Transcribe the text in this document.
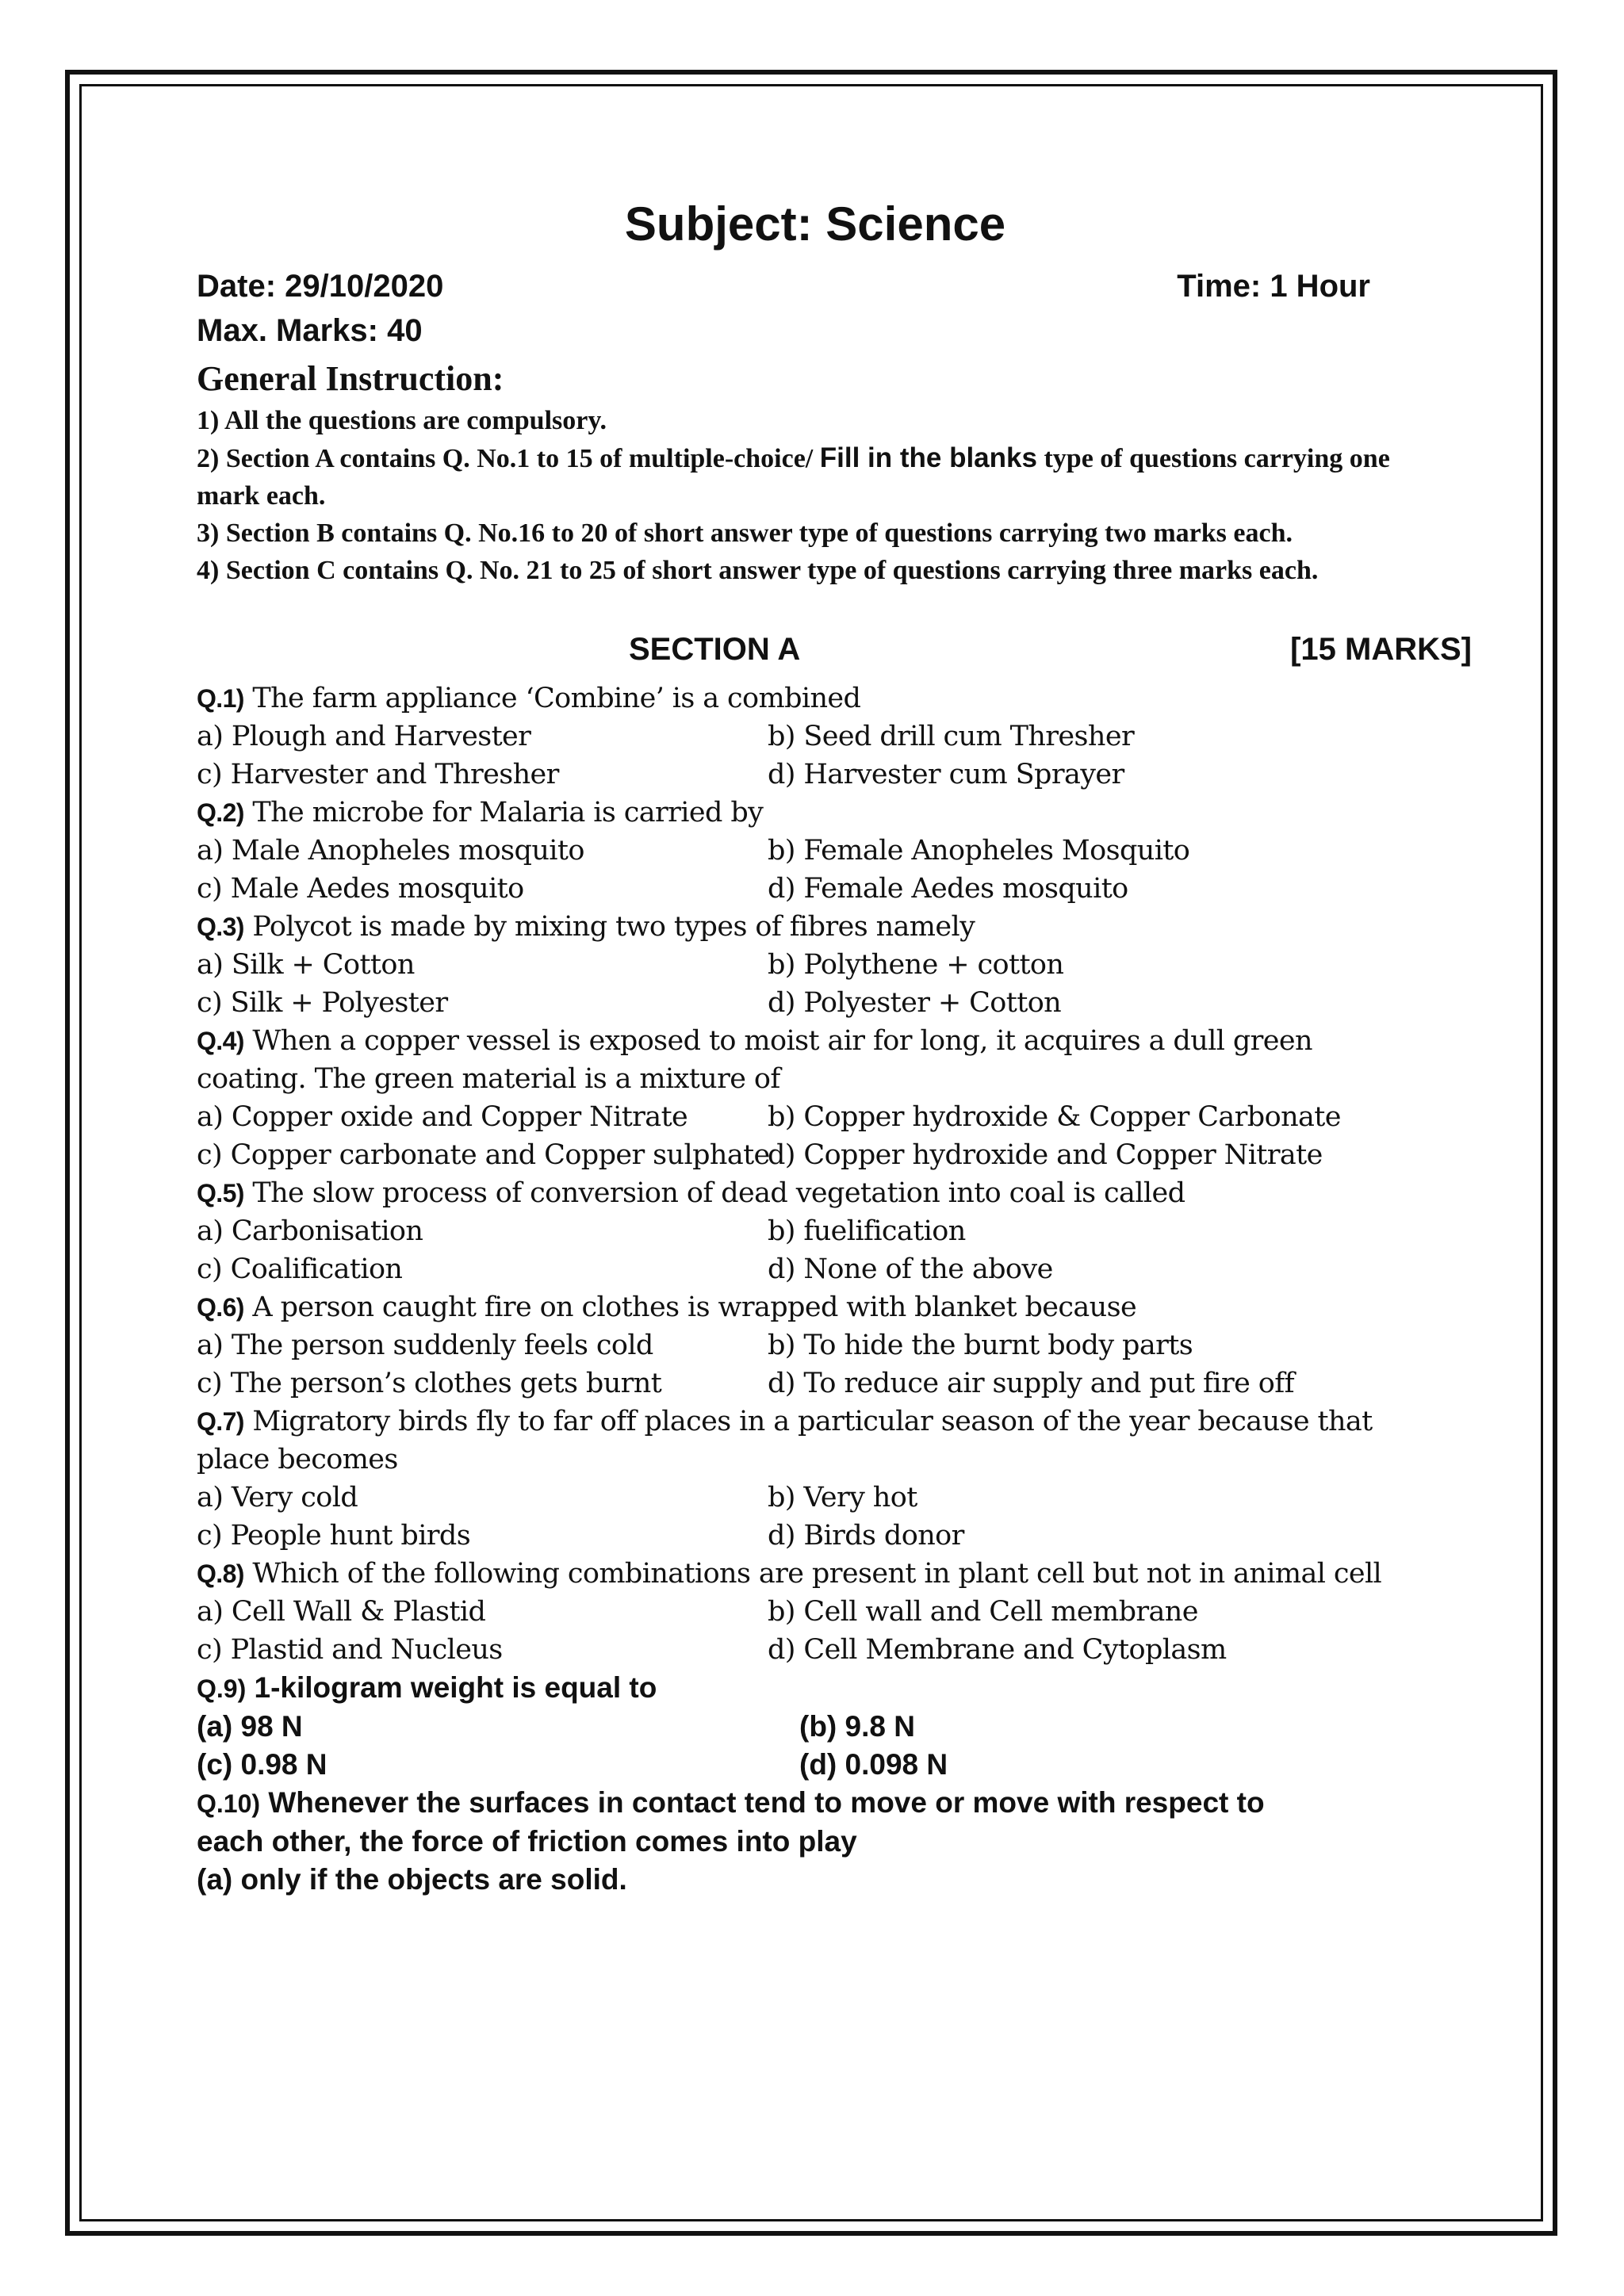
Subject: Science
Date: 29/10/2020	Time: 1 Hour
Max. Marks: 40
General Instruction:
1) All the questions are compulsory.
2) Section A contains Q. No.1 to 15 of multiple-choice/ Fill in the blanks type of questions carrying one mark each.
3) Section B contains Q. No.16 to 20 of short answer type of questions carrying two marks each.
4) Section C contains Q. No. 21 to 25 of short answer type of questions carrying three marks each.
SECTION A	[15 MARKS]
Q.1) The farm appliance ‘Combine’ is a combined
a) Plough and Harvester	b) Seed drill cum Thresher
c) Harvester and Thresher	d) Harvester cum Sprayer
Q.2) The microbe for Malaria is carried by
a) Male Anopheles mosquito	b) Female Anopheles Mosquito
c) Male Aedes mosquito	d) Female Aedes mosquito
Q.3) Polycot is made by mixing two types of fibres namely
a) Silk + Cotton	b) Polythene + cotton
c) Silk + Polyester	d) Polyester + Cotton
Q.4) When a copper vessel is exposed to moist air for long, it acquires a dull green
coating. The green material is a mixture of
a) Copper oxide and Copper Nitrate	b) Copper hydroxide & Copper Carbonate
c) Copper carbonate and Copper sulphate
d) Copper hydroxide and Copper Nitrate
Q.5) The slow process of conversion of dead vegetation into coal is called
a) Carbonisation	b) fuelification
c) Coalification	d) None of the above
Q.6) A person caught fire on clothes is wrapped with blanket because
a) The person suddenly feels cold	b) To hide the burnt body parts
c) The person’s clothes gets burnt	d) To reduce air supply and put fire off
Q.7) Migratory birds fly to far off places in a particular season of the year because that
place becomes
a) Very cold	b) Very hot
c) People hunt birds	d) Birds donor
Q.8) Which of the following combinations are present in plant cell but not in animal cell
a) Cell Wall & Plastid	b) Cell wall and Cell membrane
c) Plastid and Nucleus	d) Cell Membrane and Cytoplasm
Q.9) 1-kilogram weight is equal to
(a) 98 N	(b) 9.8 N
(c) 0.98 N	(d) 0.098 N
Q.10) Whenever the surfaces in contact tend to move or move with respect to
each other, the force of friction comes into play
(a) only if the objects are solid.
